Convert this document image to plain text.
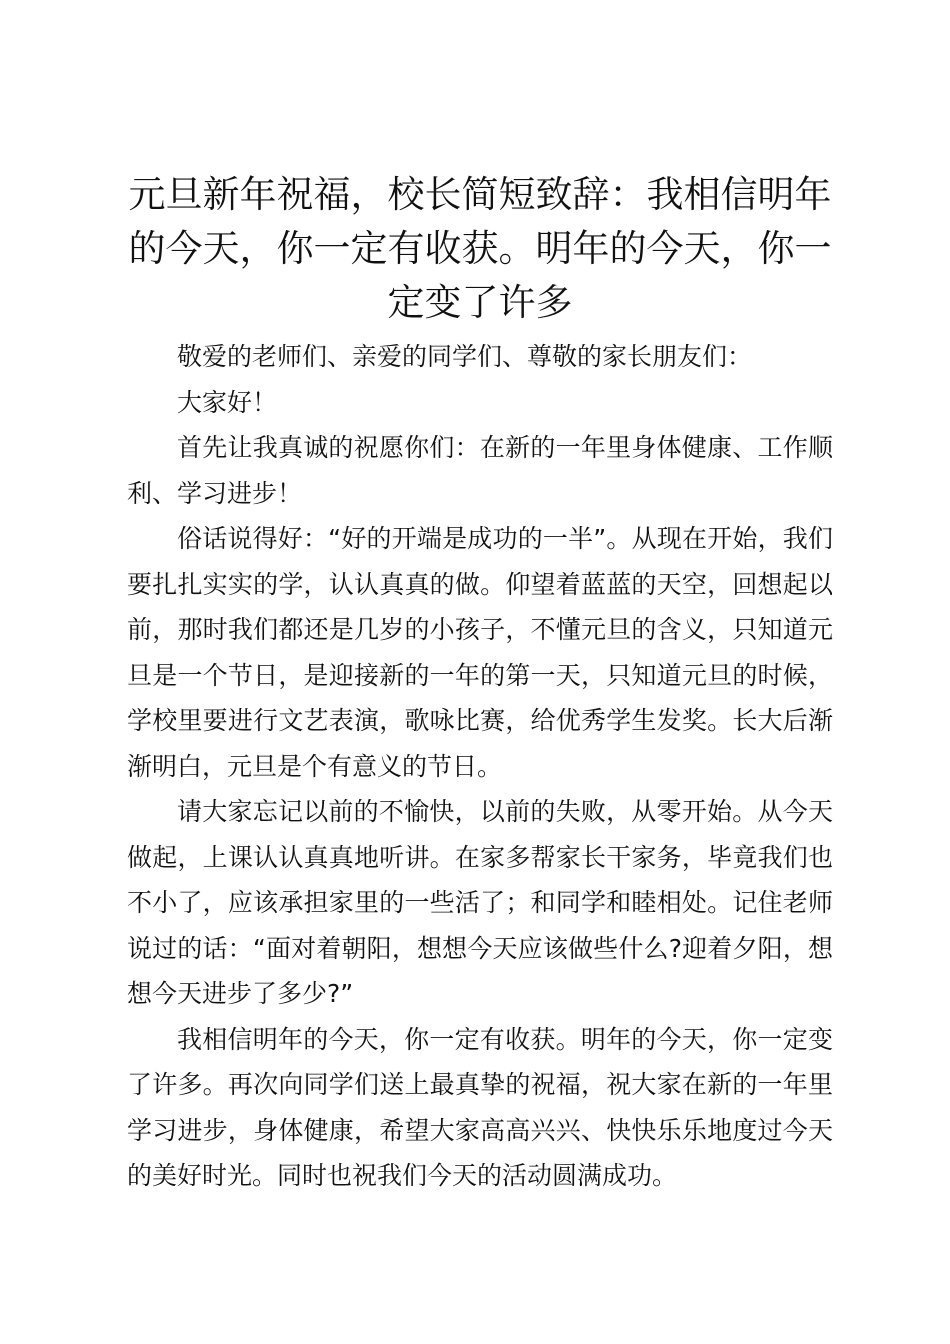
元旦新年祝福，校长简短致辞：我相信明年的今天，你一定有收获。明年的今天，你一定变了许多

敬爱的老师们、亲爱的同学们、尊敬的家长朋友们：

大家好！

首先让我真诚的祝愿你们：在新的一年里身体健康、工作顺利、学习进步！

俗话说得好：“好的开端是成功的一半”。从现在开始，我们要扎扎实实的学，认认真真的做。仰望着蓝蓝的天空，回想起以前，那时我们都还是几岁的小孩子，不懂元旦的含义，只知道元旦是一个节日，是迎接新的一年的第一天，只知道元旦的时候，学校里要进行文艺表演，歌咏比赛，给优秀学生发奖。长大后渐渐明白，元旦是个有意义的节日。

请大家忘记以前的不愉快，以前的失败，从零开始。从今天做起，上课认认真真地听讲。在家多帮家长干家务，毕竟我们也不小了，应该承担家里的一些活了；和同学和睦相处。记住老师说过的话：“面对着朝阳，想想今天应该做些什么?迎着夕阳，想想今天进步了多少?”

我相信明年的今天，你一定有收获。明年的今天，你一定变了许多。再次向同学们送上最真挚的祝福，祝大家在新的一年里学习进步，身体健康，希望大家高高兴兴、快快乐乐地度过今天的美好时光。同时也祝我们今天的活动圆满成功。
